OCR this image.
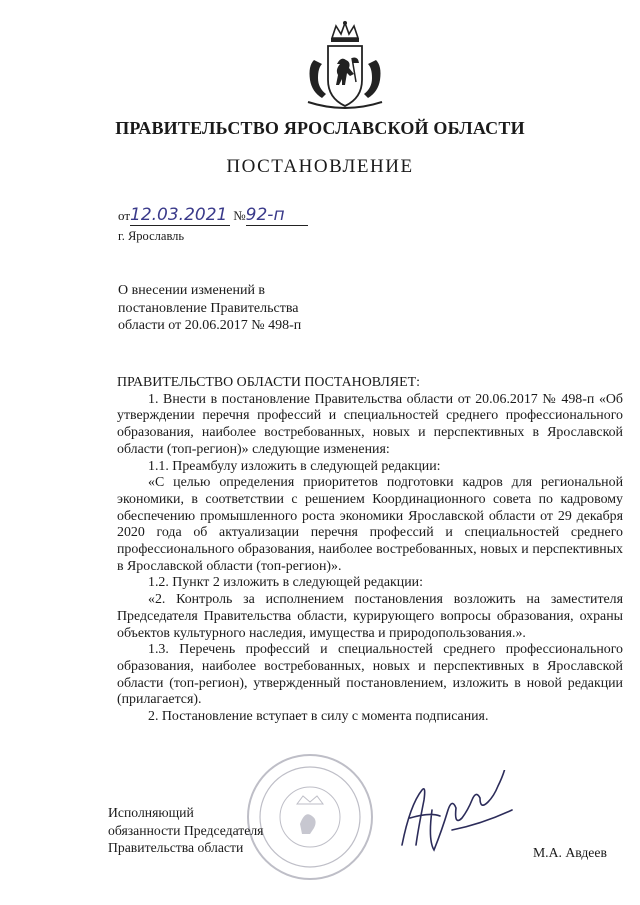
ПРАВИТЕЛЬСТВО ЯРОСЛАВСКОЙ ОБЛАСТИ
ПОСТАНОВЛЕНИЕ
от12.03.2021 №92-п
г. Ярославль
О внесении изменений в
постановление Правительства
области от 20.06.2017 № 498-п

ПРАВИТЕЛЬСТВО ОБЛАСТИ ПОСТАНОВЛЯЕТ:

1. Внести в постановление Правительства области от 20.06.2017 № 498-п «Об утверждении перечня профессий и специальностей среднего профессионального образования, наиболее востребованных, новых и перспективных в Ярославской области (топ-регион)» следующие изменения:

1.1. Преамбулу изложить в следующей редакции:

«С целью определения приоритетов подготовки кадров для региональной экономики, в соответствии с решением Координационного совета по кадровому обеспечению промышленного роста экономики Ярославской области от 29 декабря 2020 года об актуализации перечня профессий и специальностей среднего профессионального образования, наиболее востребованных, новых и перспективных в Ярославской области (топ-регион)».

1.2. Пункт 2 изложить в следующей редакции:

«2. Контроль за исполнением постановления возложить на заместителя Председателя Правительства области, курирующего вопросы образования, охраны объектов культурного наследия, имущества и природопользования.».

1.3. Перечень профессий и специальностей среднего профессионального образования, наиболее востребованных, новых и перспективных в Ярославской области (топ-регион), утвержденный постановлением, изложить в новой редакции (прилагается).

2. Постановление вступает в силу с момента подписания.

Исполняющий
обязанности Председателя
Правительства области	М.А. Авдеев
